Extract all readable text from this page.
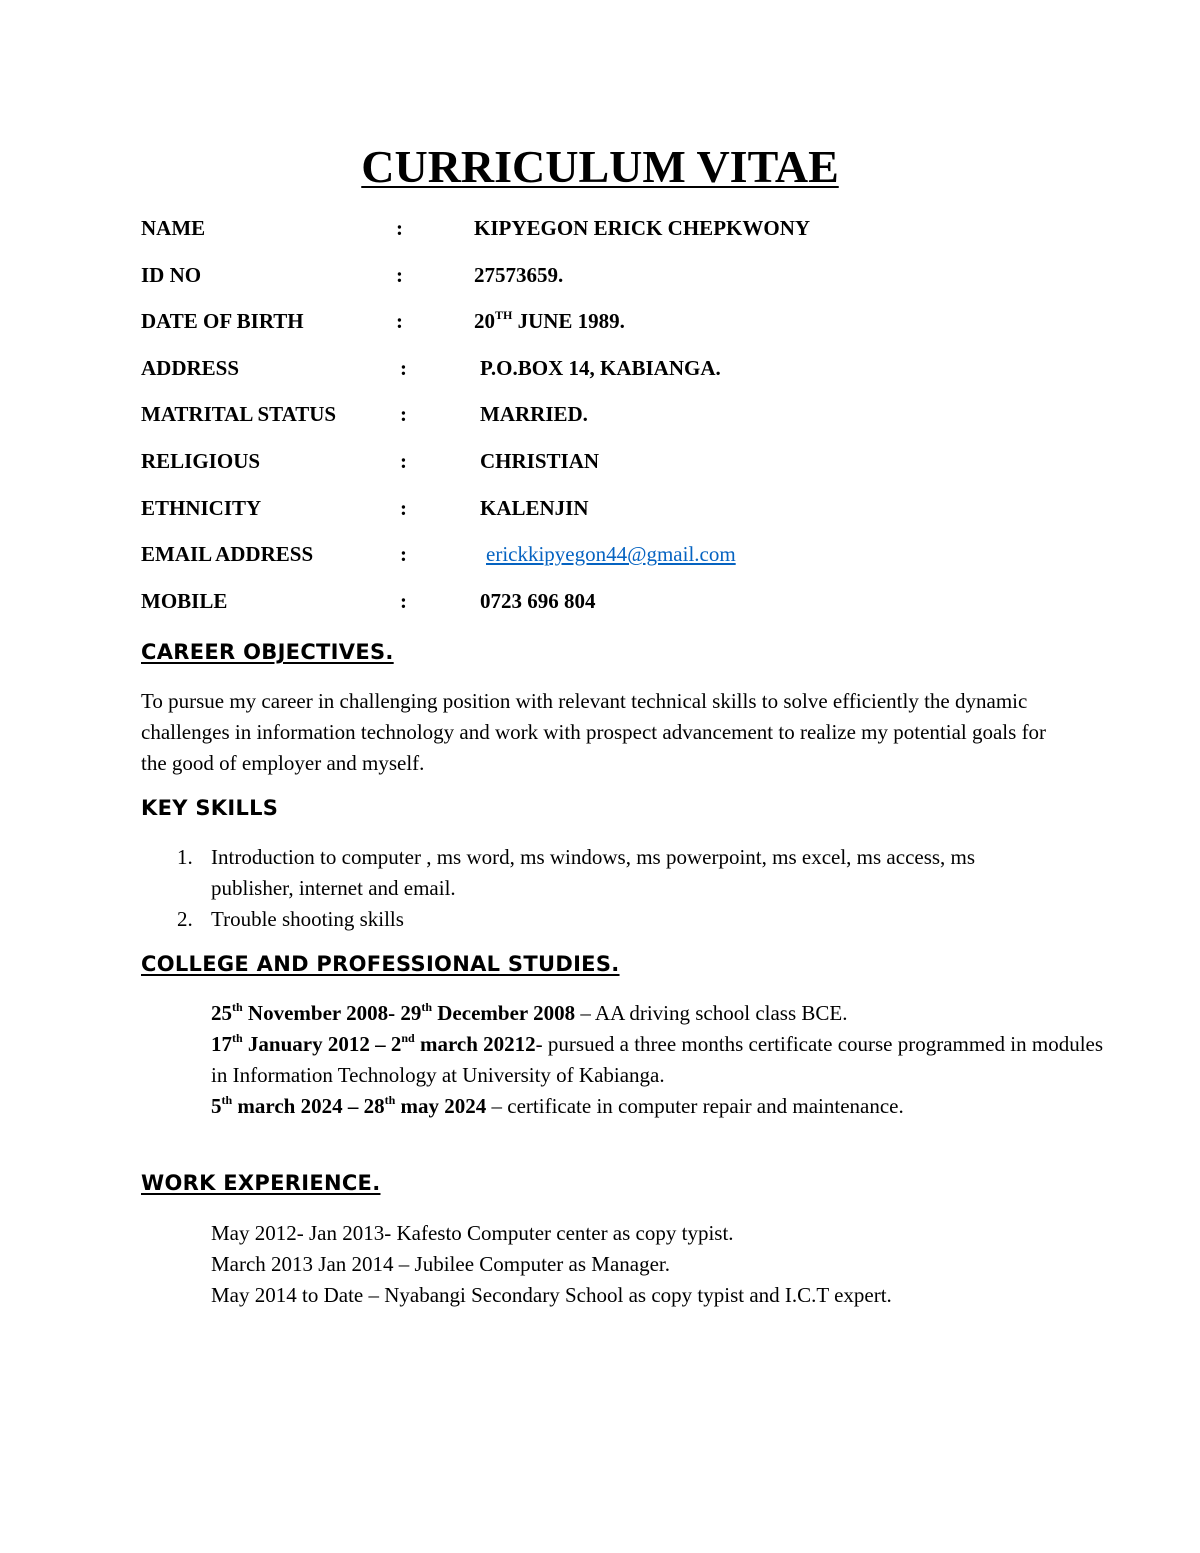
CURRICULUM VITAE
NAME	:	KIPYEGON ERICK CHEPKWONY
ID NO	:	27573659.
DATE OF BIRTH	:	20TH JUNE 1989.
ADDRESS	:	P.O.BOX 14, KABIANGA.
MATRITAL STATUS	:	MARRIED.
RELIGIOUS	:	CHRISTIAN
ETHNICITY	:	KALENJIN
EMAIL ADDRESS	:	erickkipyegon44@gmail.com
MOBILE	:	0723 696 804
CAREER OBJECTIVES.

To pursue my career in challenging position with relevant technical skills to solve efficiently the dynamic challenges in information technology and work with prospect advancement to realize my potential goals for the good of employer and myself.

KEY SKILLS
1. Introduction to computer , ms word, ms windows, ms powerpoint, ms excel, ms access, ms publisher, internet and email.
2. Trouble shooting skills
COLLEGE AND PROFESSIONAL STUDIES.
25th November 2008- 29th December 2008 – AA driving school class BCE.
17th January 2012 – 2nd march 20212- pursued a three months certificate course programmed in modules in Information Technology at University of Kabianga.
5th march 2024 – 28th may 2024 – certificate in computer repair and maintenance.
WORK EXPERIENCE.
May 2012- Jan 2013- Kafesto Computer center as copy typist.
March 2013 Jan 2014 – Jubilee Computer as Manager.
May 2014 to Date – Nyabangi Secondary School as copy typist and I.C.T expert.
